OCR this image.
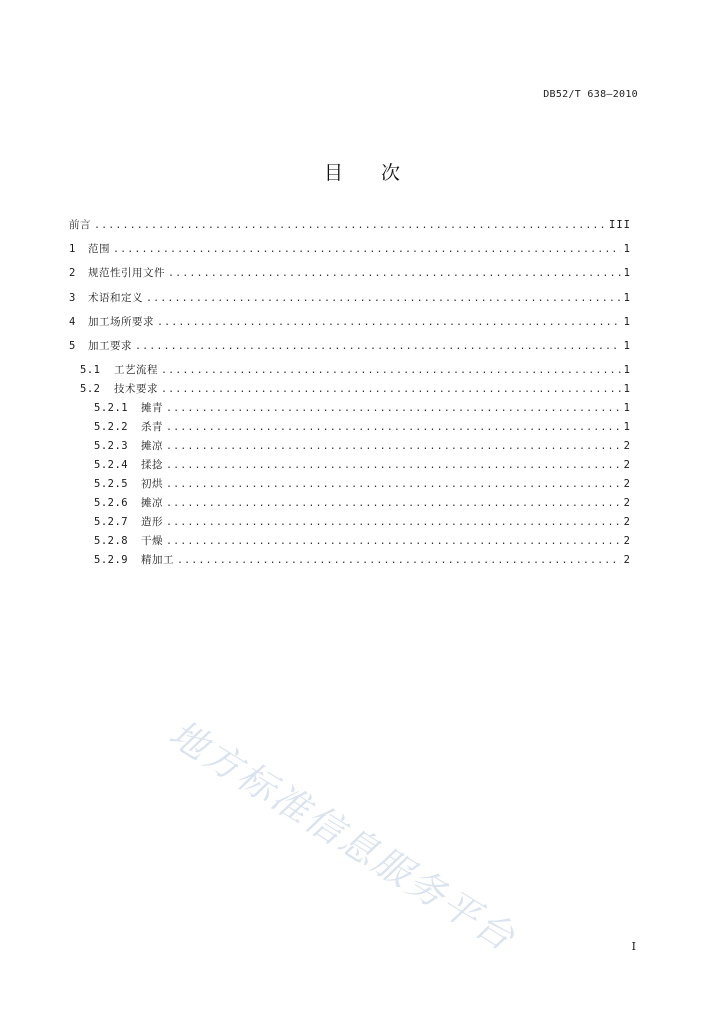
DB52/T 638—2010
目次
前言 .....	III
1	范围 .....	1
2	规范性引用文件 .....	1
3	术语和定义 .....	1
4	加工场所要求 .....	1
5	加工要求 .....	1
5.1	工艺流程 .....	1
5.2	技术要求 .....	1
5.2.1	摊青 .....	1
5.2.2	杀青 .....	1
5.2.3	摊凉 .....	2
5.2.4	揉捻 .....	2
5.2.5	初烘 .....	2
5.2.6	摊凉 .....	2
5.2.7	造形 .....	2
5.2.8	干燥 .....	2
5.2.9	精加工 .....	2
地方标准信息服务平台	I
